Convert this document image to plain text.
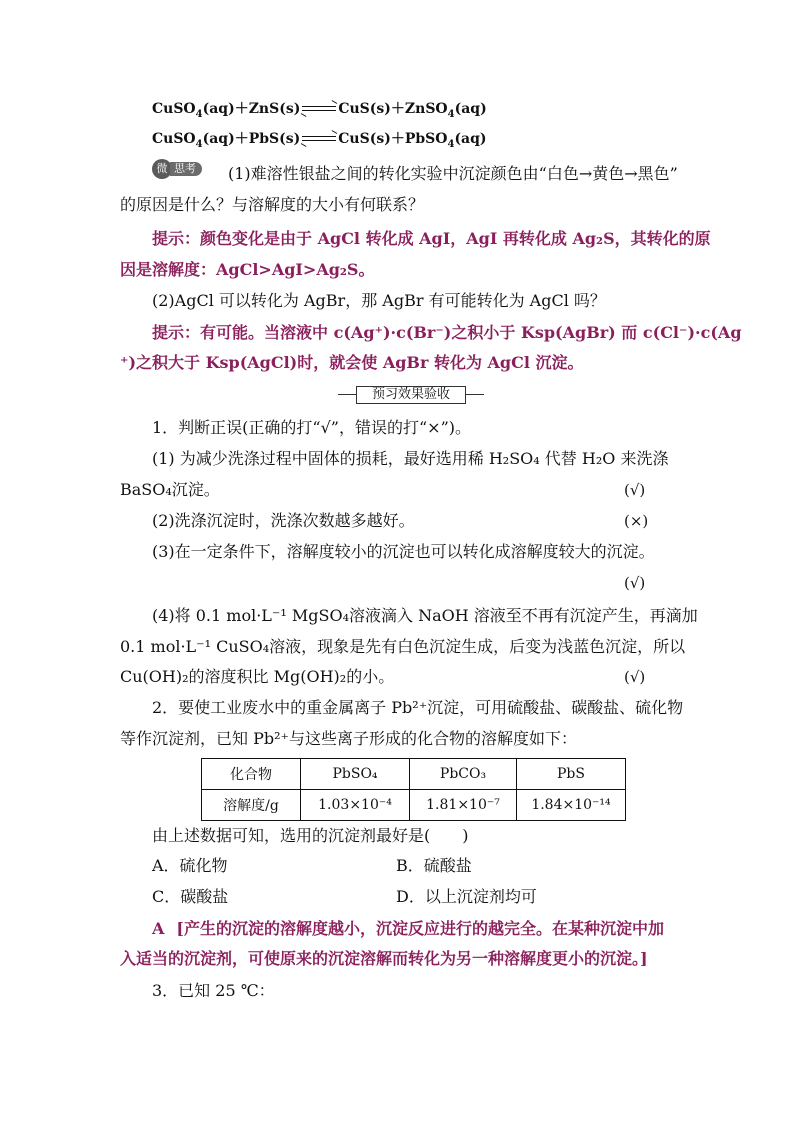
CuSO$_4$(aq)＋ZnS(s)	CuS(s)＋ZnSO$_4$(aq)
CuSO$_4$(aq)＋PbS(s)	CuS(s)＋PbSO$_4$(aq)
微 思考	(1)难溶性银盐之间的转化实验中沉淀颜色由“白色→黄色→黑色”
的原因是什么？与溶解度的大小有何联系？
提示：颜色变化是由于 AgCl 转化成 AgI，AgI 再转化成 Ag₂S，其转化的原
因是溶解度：AgCl>AgI>Ag₂S。
(2)AgCl 可以转化为 AgBr，那 AgBr 有可能转化为 AgCl 吗？
提示：有可能。当溶液中 c(Ag⁺)·c(Br⁻)之积小于 Ksp(AgBr) 而 c(Cl⁻)·c(Ag
⁺)之积大于 Ksp(AgCl)时，就会使 AgBr 转化为 AgCl 沉淀。
预习效果验收
1．判断正误(正确的打“√”，错误的打“×”)。
(1) 为减少洗涤过程中固体的损耗，最好选用稀 H₂SO₄ 代替 H₂O 来洗涤
BaSO₄沉淀。	(√)
(2)洗涤沉淀时，洗涤次数越多越好。	(×)
(3)在一定条件下，溶解度较小的沉淀也可以转化成溶解度较大的沉淀。
(√)
(4)将 0.1 mol·L⁻¹ MgSO₄溶液滴入 NaOH 溶液至不再有沉淀产生，再滴加
0.1 mol·L⁻¹ CuSO₄溶液，现象是先有白色沉淀生成，后变为浅蓝色沉淀，所以
Cu(OH)₂的溶度积比 Mg(OH)₂的小。	(√)
2．要使工业废水中的重金属离子 Pb²⁺沉淀，可用硫酸盐、碳酸盐、硫化物
等作沉淀剂，已知 Pb²⁺与这些离子形成的化合物的溶解度如下：
化合物	PbSO₄	PbCO₃	PbS
溶解度/g	1.03×10⁻⁴	1.81×10⁻⁷	1.84×10⁻¹⁴
由上述数据可知，选用的沉淀剂最好是(　　)
A．硫化物	B．硫酸盐
C．碳酸盐	D．以上沉淀剂均可
A [产生的沉淀的溶解度越小，沉淀反应进行的越完全。在某种沉淀中加
入适当的沉淀剂，可使原来的沉淀溶解而转化为另一种溶解度更小的沉淀。]
3．已知 25 ℃：
